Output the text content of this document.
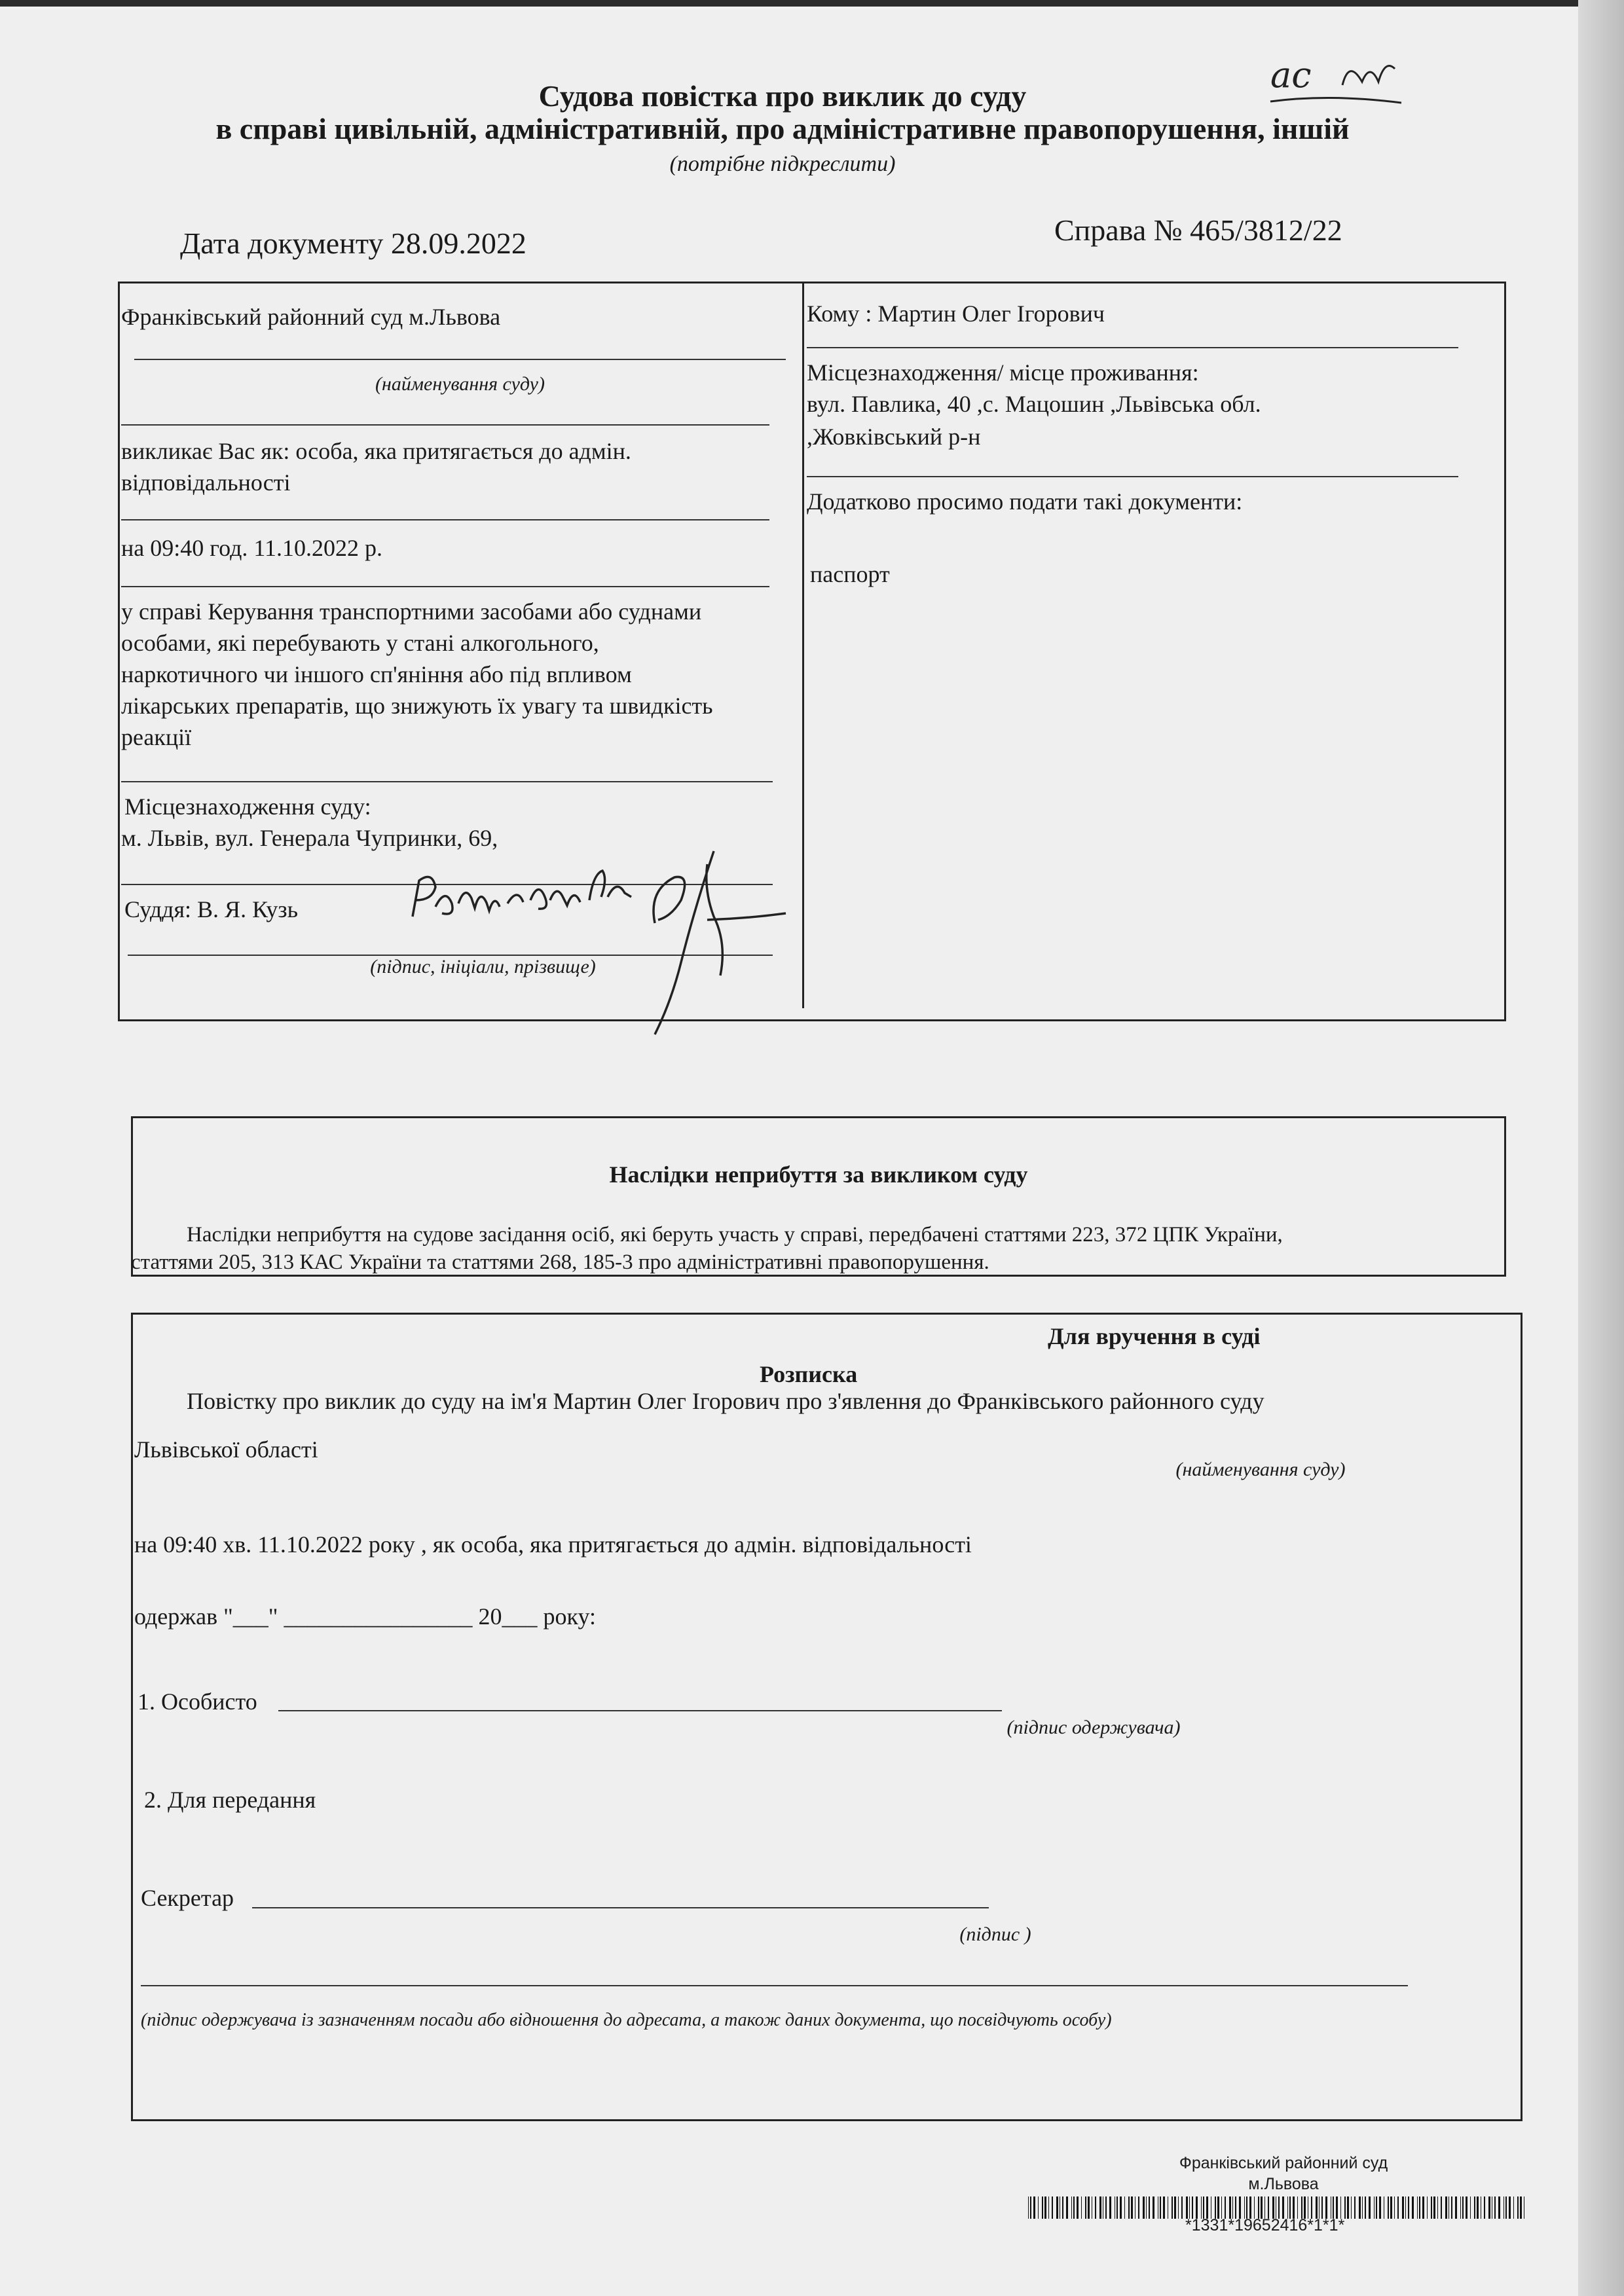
Судова повістка про виклик до суду
в справі цивільній, адміністративній, про адміністративне правопорушення, іншій
(потрібне підкреслити)
Дата документу 28.09.2022	Справа № 465/3812/22
ас
Франківський районний суд м.Львова
(найменування суду)
викликає Вас як: особа, яка притягається до адмін.
відповідальності
на 09:40 год. 11.10.2022 р.
у справі Керування транспортними засобами або суднами
особами, які перебувають у стані алкогольного,
наркотичного чи іншого сп'яніння або під впливом
лікарських препаратів, що знижують їх увагу та швидкість
реакції
Місцезнаходження суду:
м. Львів, вул. Генерала Чупринки, 69,
Суддя: В. Я. Кузь
(підпис, ініціали, прізвище)
Кому : Мартин Олег Ігорович
Місцезнаходження/ місце проживання:
вул. Павлика, 40 ,с. Мацошин ,Львівська обл.
,Жовківський р-н
Додатково просимо подати такі документи:
паспорт
Наслідки неприбуття за викликом суду
Наслідки неприбуття на судове засідання осіб, які беруть участь у справі, передбачені статтями 223, 372 ЦПК України,
статтями 205, 313 КАС України та статтями 268, 185-3 про адміністративні правопорушення.
Для вручення в суді
Розписка
Повістку про виклик до суду на ім'я Мартин Олег Ігорович про з'явлення до Франківського районного суду
Львівської області
(найменування суду)
на 09:40 хв. 11.10.2022 року , як особа, яка притягається до адмін. відповідальності
одержав "___" ________________ 20___ року:
1. Особисто
(підпис одержувача)
2. Для передання
Секретар
(підпис )
(підпис одержувача із зазначенням посади або відношення до адресата, а також даних документа, що посвідчують особу)
Франківський районний суд
м.Львова
*1331*19652416*1*1*
